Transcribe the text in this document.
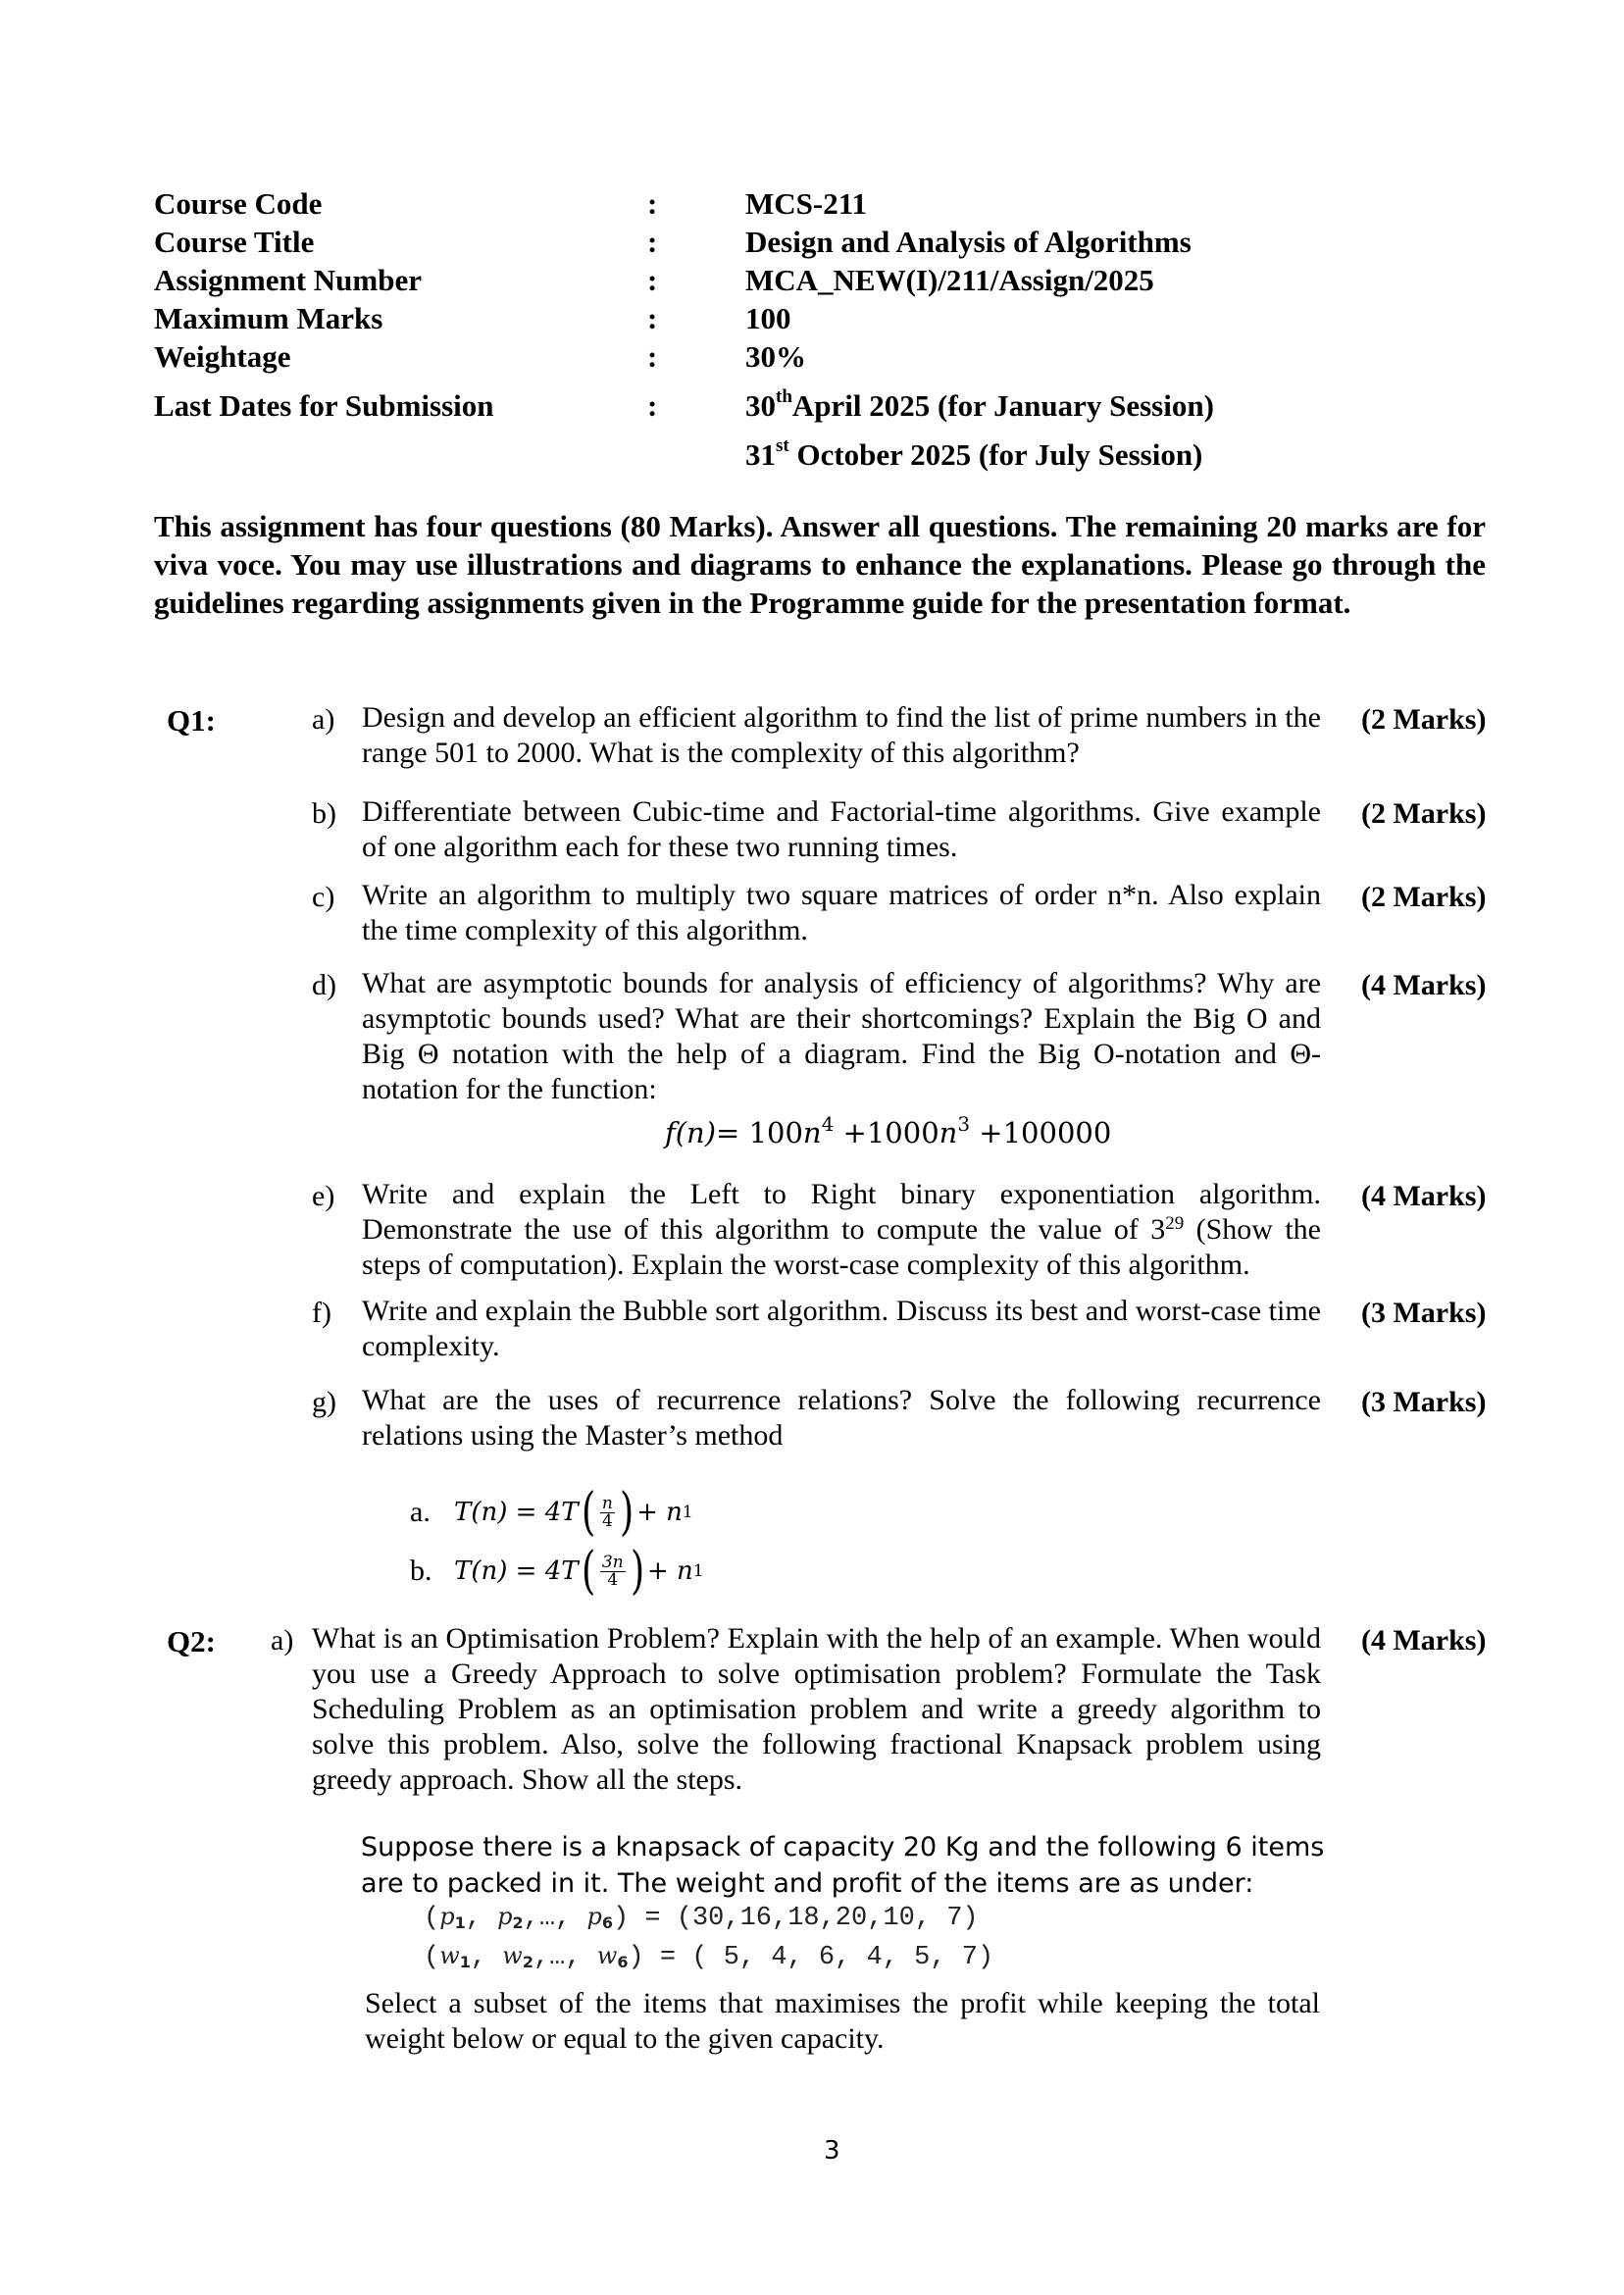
Course Code	:	MCS-211
Course Title	:	Design and Analysis of Algorithms
Assignment Number	:	MCA_NEW(I)/211/Assign/2025
Maximum Marks	:	100
Weightage	:	30%
Last Dates for Submission	:	30thApril 2025 (for January Session)
31st October 2025 (for July Session)
This assignment has four questions (80 Marks). Answer all questions. The remaining 20 marks are for viva voce. You may use illustrations and diagrams to enhance the explanations. Please go through the guidelines regarding assignments given in the Programme guide for the presentation format.
Q1:	a) Design and develop an efficient algorithm to find the list of prime numbers in the range 501 to 2000. What is the complexity of this algorithm?
(2 Marks)
b) Differentiate between Cubic-time and Factorial-time algorithms. Give example of one algorithm each for these two running times.
(2 Marks)
c) Write an algorithm to multiply two square matrices of order n*n. Also explain the time complexity of this algorithm.
(2 Marks)
d) What are asymptotic bounds for analysis of efficiency of algorithms? Why are asymptotic bounds used? What are their shortcomings? Explain the Big O and Big Θ notation with the help of a diagram. Find the Big O-notation and Θ-notation for the function:
(4 Marks)
$f(n)= 100n^4 +1000n^3 +100000$
e) Write and explain the Left to Right binary exponentiation algorithm. Demonstrate the use of this algorithm to compute the value of $3^{29}$ (Show the steps of computation). Explain the worst-case complexity of this algorithm.
(4 Marks)
f) Write and explain the Bubble sort algorithm. Discuss its best and worst-case time complexity.
(3 Marks)
g) What are the uses of recurrence relations? Solve the following recurrence relations using the Master’s method
(3 Marks)
a. T(n) = 4T ( $\frac{n}{4}$ ) + n 1
b. T(n) = 4T ( $\frac{3n}{4}$ ) + n 1
Q2: a) What is an Optimisation Problem? Explain with the help of an example. When would you use a Greedy Approach to solve optimisation problem? Formulate the Task Scheduling Problem as an optimisation problem and write a greedy algorithm to solve this problem. Also, solve the following fractional Knapsack problem using greedy approach. Show all the steps.
(4 Marks)
Suppose there is a knapsack of capacity 20 Kg and the following 6 items
are to packed in it. The weight and profit of the items are as under:
($p_1$, $p_2,\dots$, $p_6) = (30,16,18,20,10$, 7)
($w_1$, $w_2,\dots$, $w_6$) = ( 5, 4, 6, 4, 5, 7)
Select a subset of the items that maximises the profit while keeping the total weight below or equal to the given capacity.
3
